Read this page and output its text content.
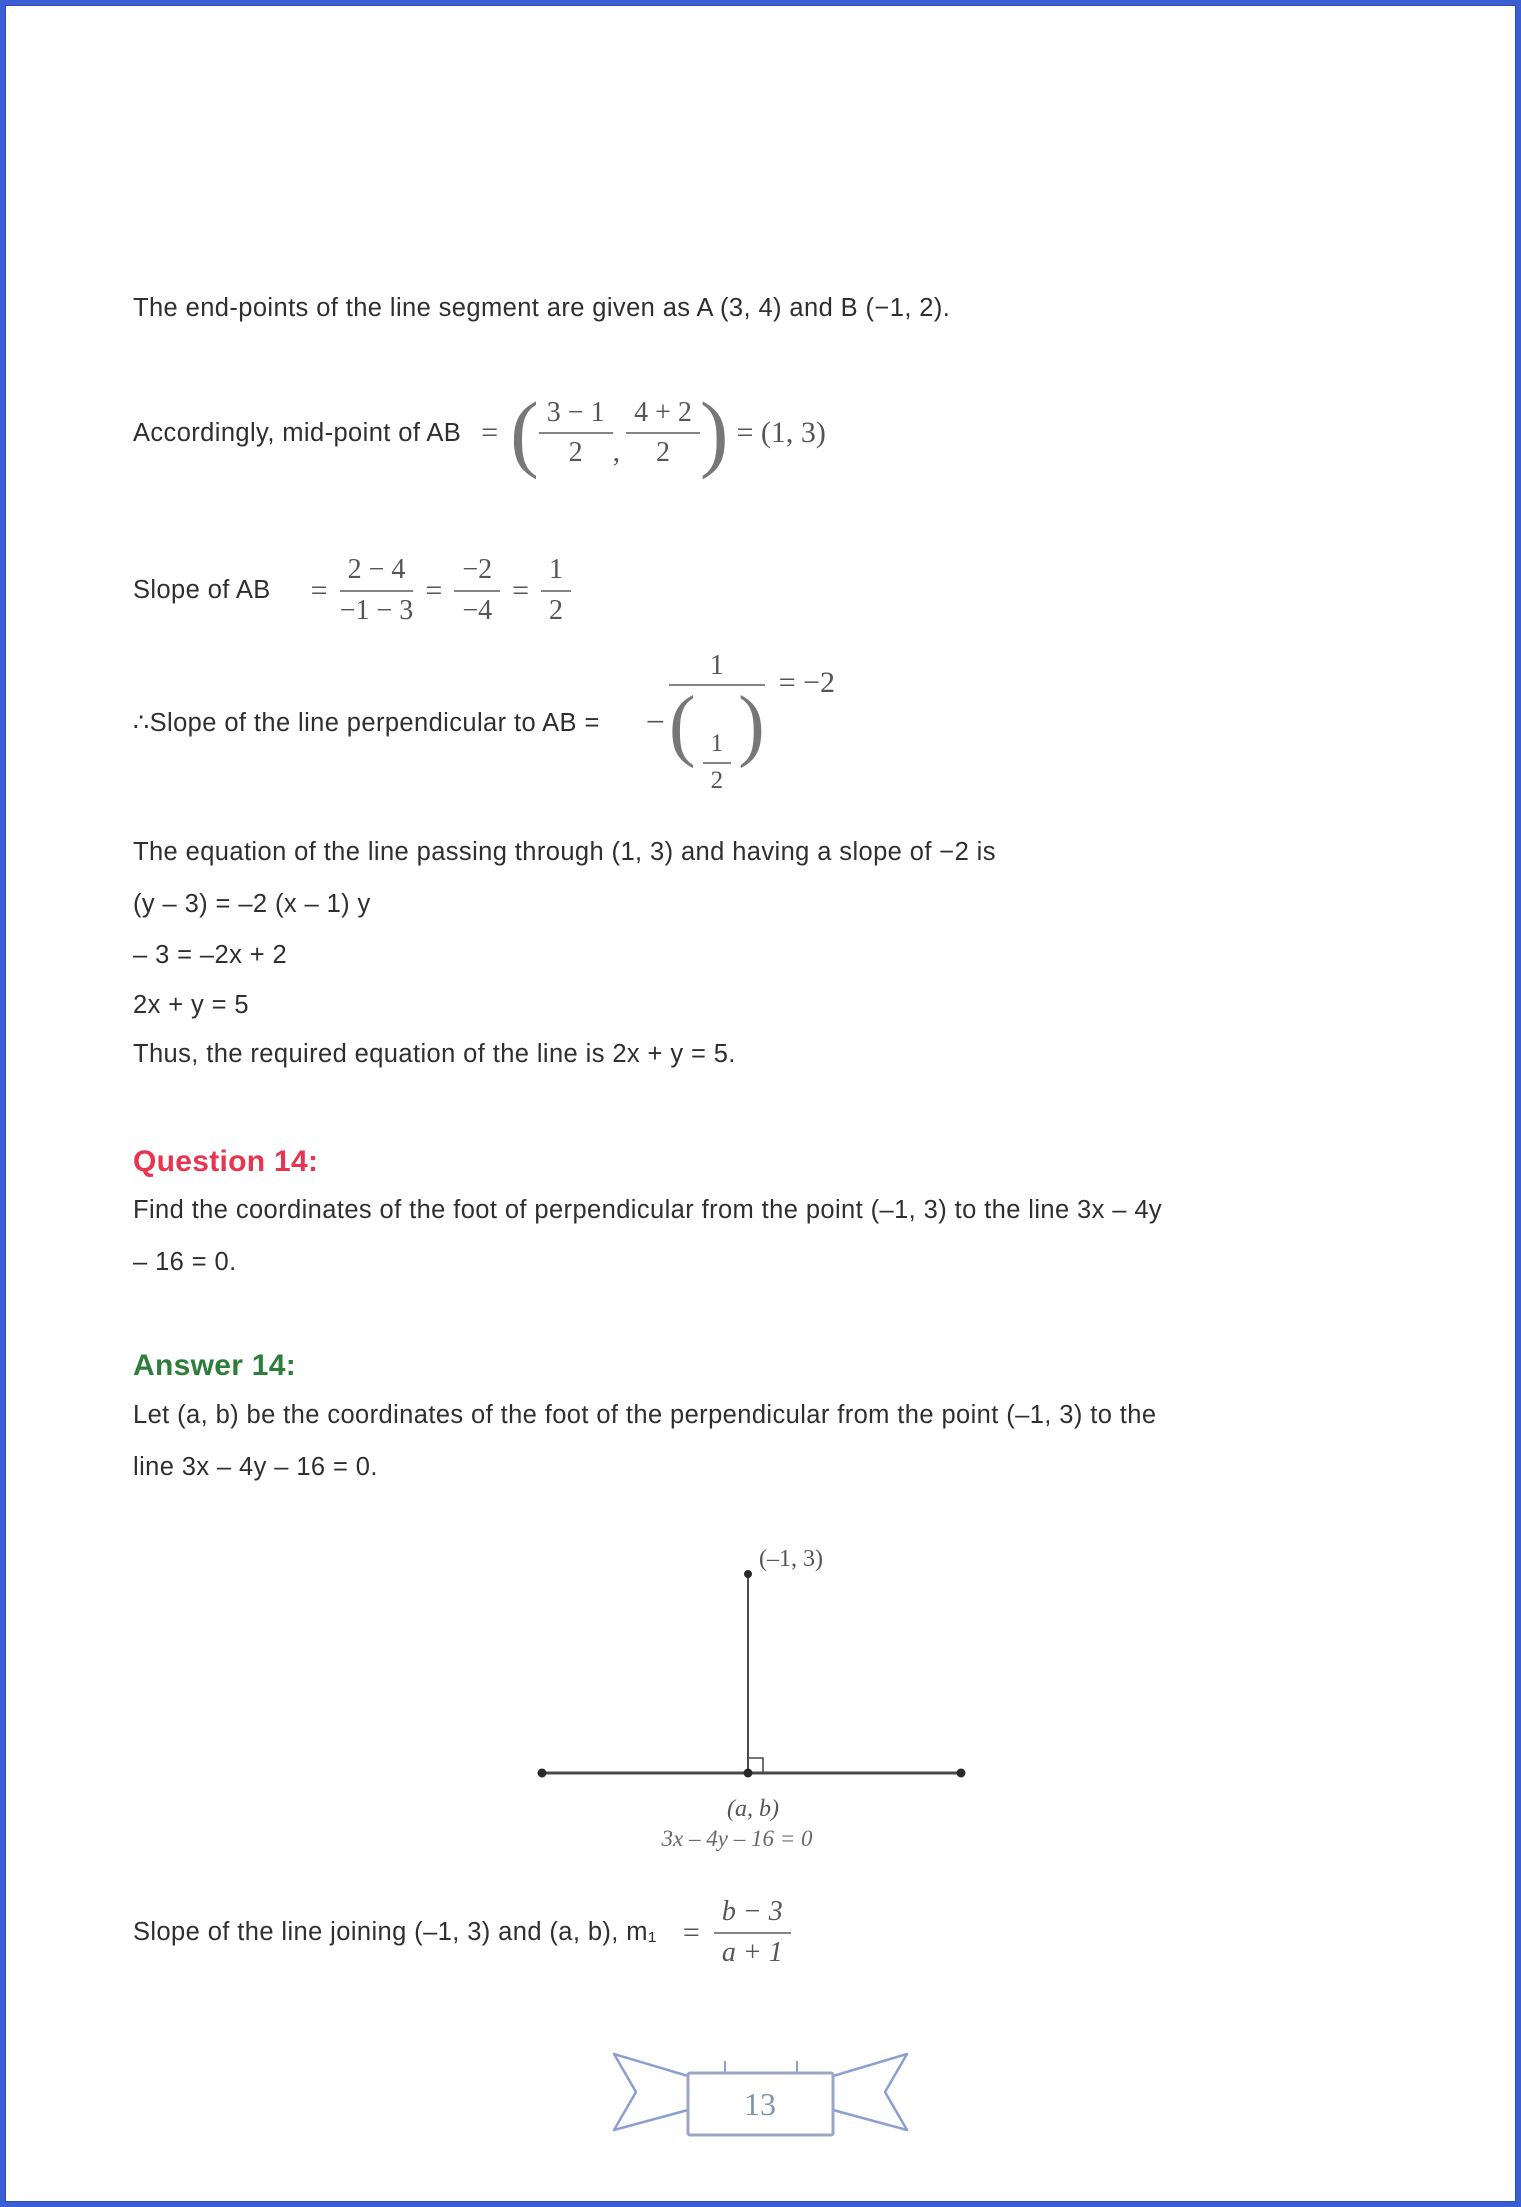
The end-points of the line segment are given as A (3, 4) and B (−1, 2).
Accordingly, mid-point of AB = ( $\frac{3 - 1}{2}$ , $\frac{4 + 2}{2}$ ) = (1, 3)
Slope of AB = $\frac{2 - 4}{-1 - 3} = \frac{-2}{-4} = \frac{1}{2}$
∴Slope of the line perpendicular to AB = − $\frac{1}{( \frac{1}{2} )} = -2$
The equation of the line passing through (1, 3) and having a slope of −2 is
(y – 3) = –2 (x – 1) y
– 3 = –2x + 2
2x + y = 5
Thus, the required equation of the line is 2x + y = 5.
Question 14:
Find the coordinates of the foot of perpendicular from the point (–1, 3) to the line 3x – 4y
– 16 = 0.
Answer 14:
Let (a, b) be the coordinates of the foot of the perpendicular from the point (–1, 3) to the
line 3x – 4y – 16 = 0.
(–1, 3)
(a, b)
3x – 4y – 16 = 0
Slope of the line joining (–1, 3) and (a, b), $m_1 = \frac{b - 3}{a + 1}$
13
